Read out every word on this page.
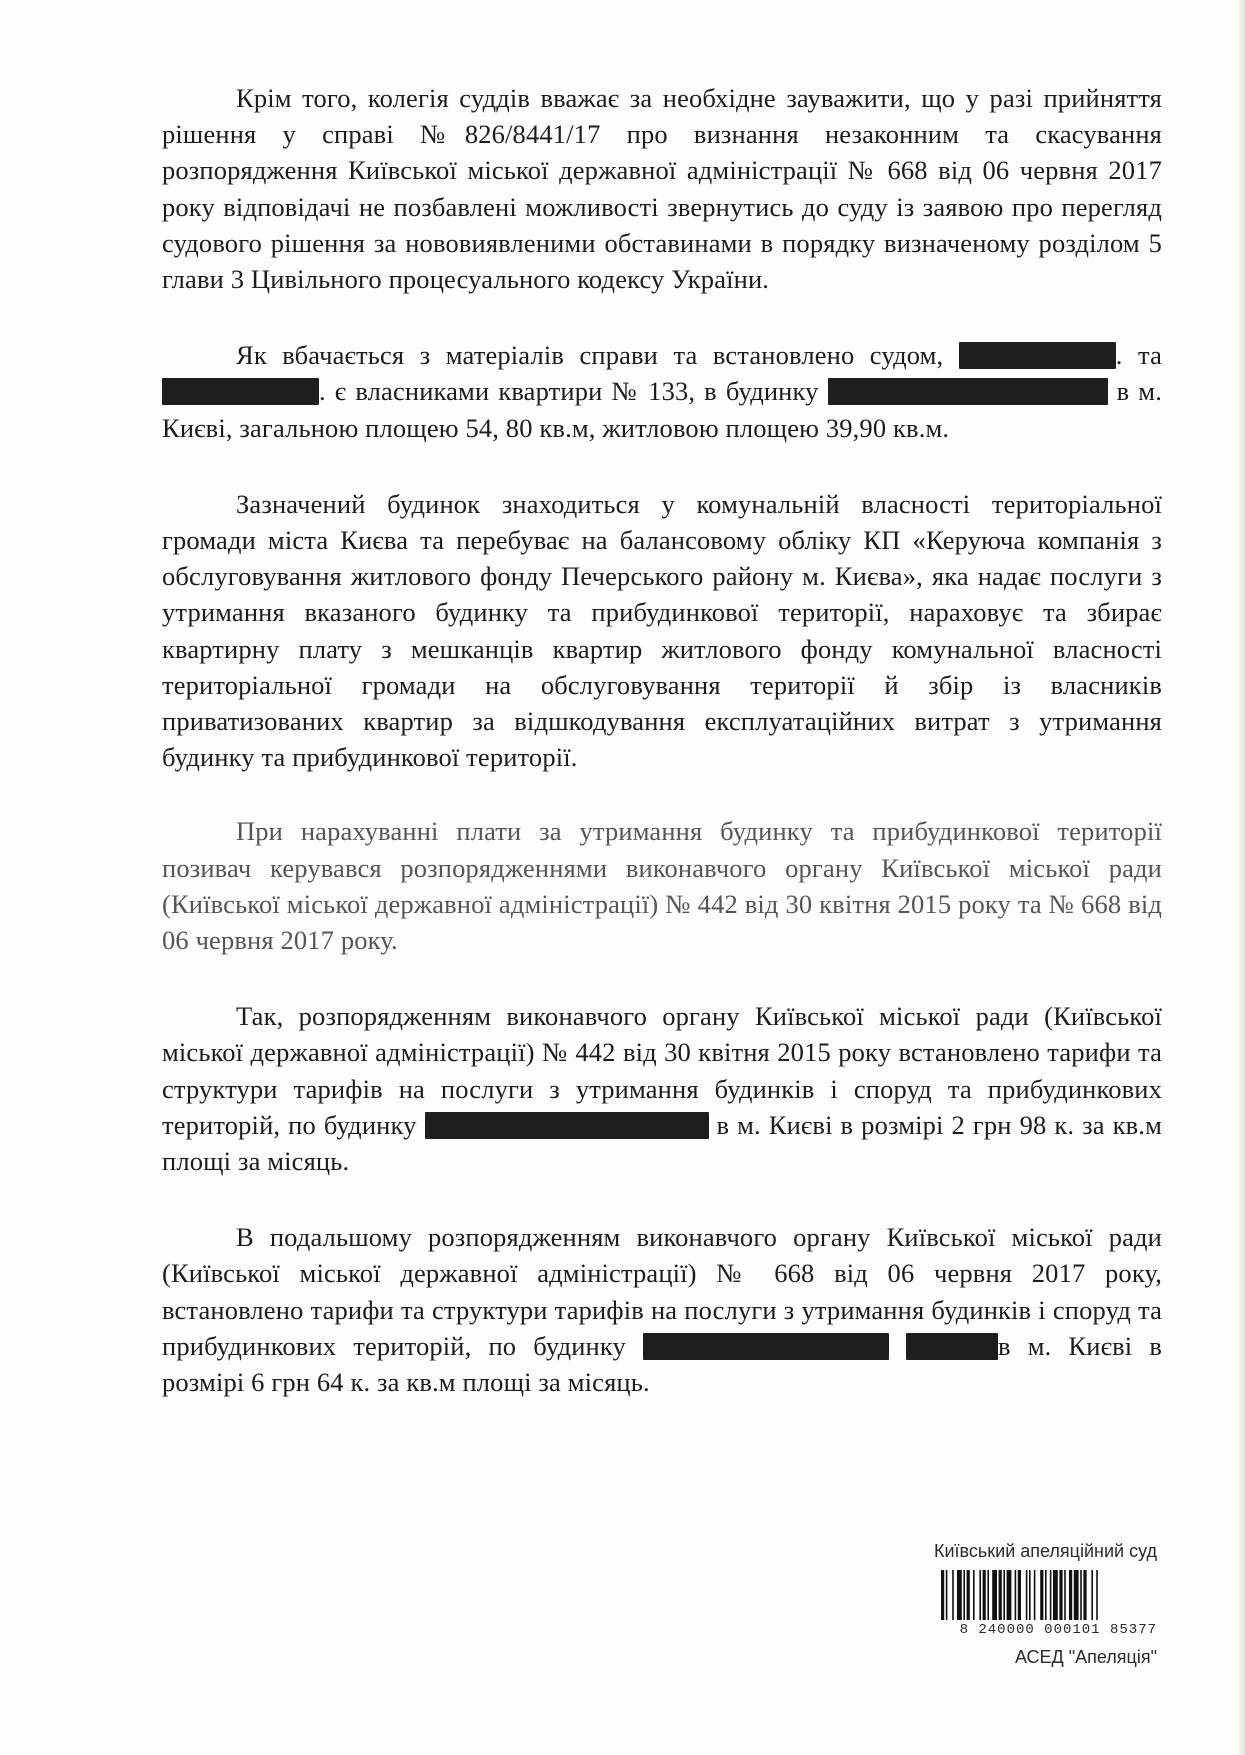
Крім того, колегія суддів вважає за необхідне зауважити, що у разі прийняття рішення у справі №826/8441/17 про визнання незаконним та скасування розпорядження Київської міської державної адміністрації № 668 від 06 червня 2017 року відповідачі не позбавлені можливості звернутись до суду із заявою про перегляд судового рішення за нововиявленими обставинами в порядку визначеному розділом 5 глави 3 Цивільного процесуального кодексу України.

Як вбачається з матеріалів справи та встановлено судом,	. та . є власниками квартири № 133, в будинку	в м. Києві, загальною площею 54, 80 кв.м, житловою площею 39,90 кв.м.

Зазначений будинок знаходиться у комунальній власності територіальної громади міста Києва та перебуває на балансовому обліку КП «Керуюча компанія з обслуговування житлового фонду Печерського району м. Києва», яка надає послуги з утримання вказаного будинку та прибудинкової території, нараховує та збирає квартирну плату з мешканців квартир житлового фонду комунальної власності територіальної громади на обслуговування території й збір із власників приватизованих квартир за відшкодування експлуатаційних витрат з утримання будинку та прибудинкової території.

При нарахуванні плати за утримання будинку та прибудинкової території позивач керувався розпорядженнями виконавчого органу Київської міської ради (Київської міської державної адміністрації) № 442 від 30 квітня 2015 року та № 668 від 06 червня 2017 року.

Так, розпорядженням виконавчого органу Київської міської ради (Київської міської державної адміністрації) № 442 від 30 квітня 2015 року встановлено тарифи та структури тарифів на послуги з утримання будинків і споруд та прибудинкових територій, по будинку	в м. Києві в розмірі 2 грн 98 к. за кв.м площі за місяць.

В подальшому розпорядженням виконавчого органу Київської міської ради (Київської міської державної адміністрації) № 668 від 06 червня 2017 року, встановлено тарифи та структури тарифів на послуги з утримання будинків і споруд та прибудинкових територій, по будинку	в м. Києві в розмірі 6 грн 64 к. за кв.м площі за місяць.

Київський апеляційний суд
8 240000 000101 85377
АСЕД "Апеляція"
